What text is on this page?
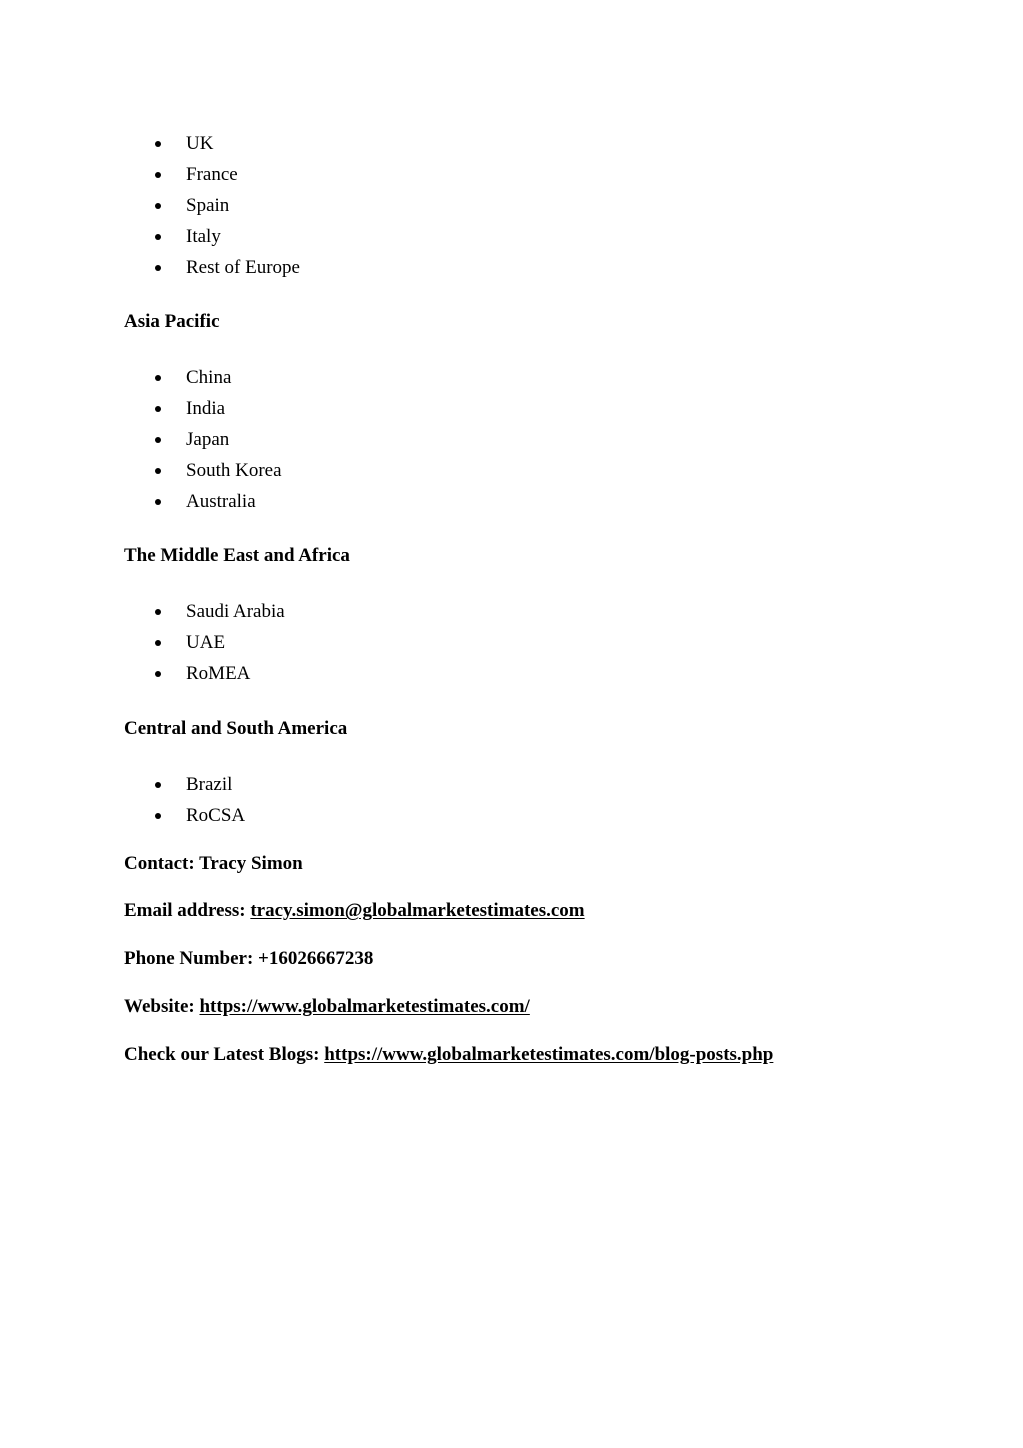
UK
France
Spain
Italy
Rest of Europe
Asia Pacific
China
India
Japan
South Korea
Australia
The Middle East and Africa
Saudi Arabia
UAE
RoMEA
Central and South America
Brazil
RoCSA
Contact: Tracy Simon
Email address: tracy.simon@globalmarketestimates.com
Phone Number: +16026667238
Website: https://www.globalmarketestimates.com/
Check our Latest Blogs: https://www.globalmarketestimates.com/blog-posts.php
